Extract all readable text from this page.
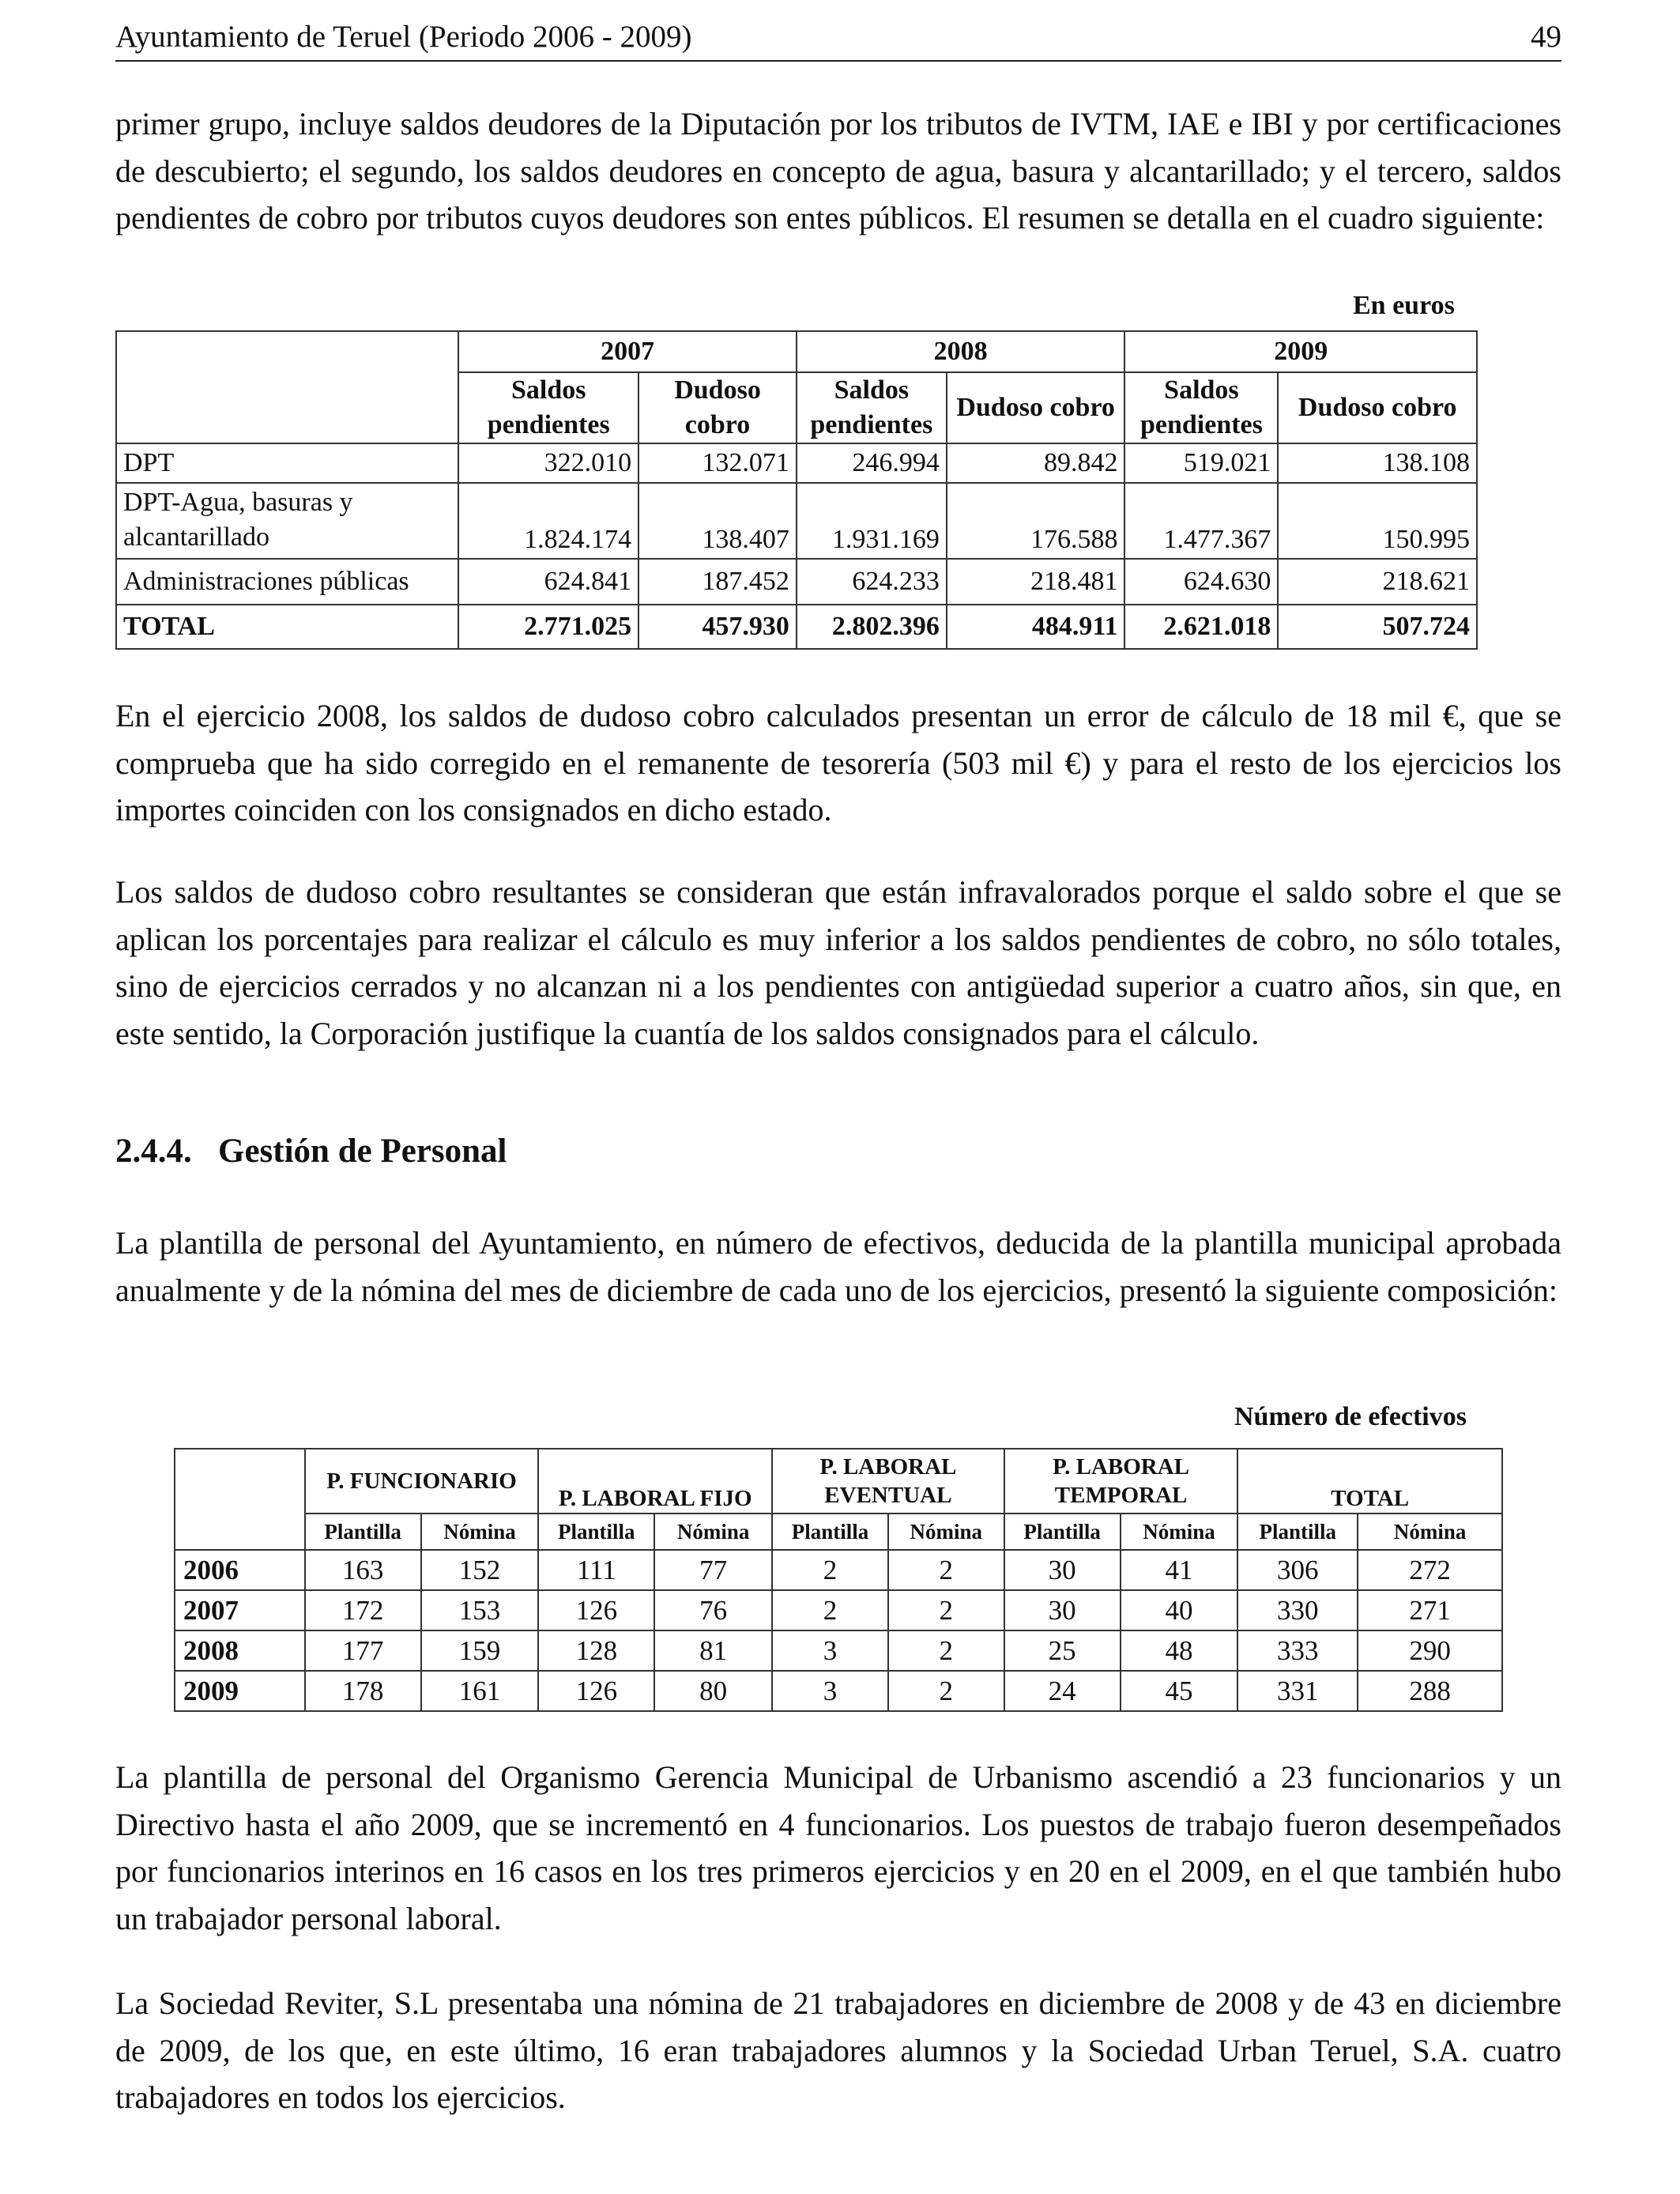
Ayuntamiento de Teruel (Periodo 2006 - 2009)	49

primer grupo, incluye saldos deudores de la Diputación por los tributos de IVTM, IAE e IBI y por certificaciones de descubierto; el segundo, los saldos deudores en concepto de agua, basura y alcantarillado; y el tercero, saldos pendientes de cobro por tributos cuyos deudores son entes públicos. El resumen se detalla en el cuadro siguiente:

En euros
	2007		2008		2009	
	Saldos pendientes	Dudoso cobro	Saldos pendientes	Dudoso cobro	Saldos pendientes	Dudoso cobro
DPT	322.010	132.071	246.994	89.842	519.021	138.108
DPT-Agua, basuras y alcantarillado	1.824.174	138.407	1.931.169	176.588	1.477.367	150.995
Administraciones públicas	624.841	187.452	624.233	218.481	624.630	218.621
TOTAL	2.771.025	457.930	2.802.396	484.911	2.621.018	507.724

En el ejercicio 2008, los saldos de dudoso cobro calculados presentan un error de cálculo de 18 mil €, que se comprueba que ha sido corregido en el remanente de tesorería (503 mil €) y para el resto de los ejercicios los importes coinciden con los consignados en dicho estado.

Los saldos de dudoso cobro resultantes se consideran que están infravalorados porque el saldo sobre el que se aplican los porcentajes para realizar el cálculo es muy inferior a los saldos pendientes de cobro, no sólo totales, sino de ejercicios cerrados y no alcanzan ni a los pendientes con antigüedad superior a cuatro años, sin que, en este sentido, la Corporación justifique la cuantía de los saldos consignados para el cálculo.

2.4.4. Gestión de Personal

La plantilla de personal del Ayuntamiento, en número de efectivos, deducida de la plantilla municipal aprobada anualmente y de la nómina del mes de diciembre de cada uno de los ejercicios, presentó la siguiente composición:

Número de efectivos
	P. FUNCIONARIO		P. LABORAL FIJO		P. LABORAL EVENTUAL		P. LABORAL TEMPORAL		TOTAL	
	Plantilla	Nómina	Plantilla	Nómina	Plantilla	Nómina	Plantilla	Nómina	Plantilla	Nómina
2006	163	152	111	77	2	2	30	41	306	272
2007	172	153	126	76	2	2	30	40	330	271
2008	177	159	128	81	3	2	25	48	333	290
2009	178	161	126	80	3	2	24	45	331	288

La plantilla de personal del Organismo Gerencia Municipal de Urbanismo ascendió a 23 funcionarios y un Directivo hasta el año 2009, que se incrementó en 4 funcionarios. Los puestos de trabajo fueron desempeñados por funcionarios interinos en 16 casos en los tres primeros ejercicios y en 20 en el 2009, en el que también hubo un trabajador personal laboral.

La Sociedad Reviter, S.L presentaba una nómina de 21 trabajadores en diciembre de 2008 y de 43 en diciembre de 2009, de los que, en este último, 16 eran trabajadores alumnos y la Sociedad Urban Teruel, S.A. cuatro trabajadores en todos los ejercicios.
